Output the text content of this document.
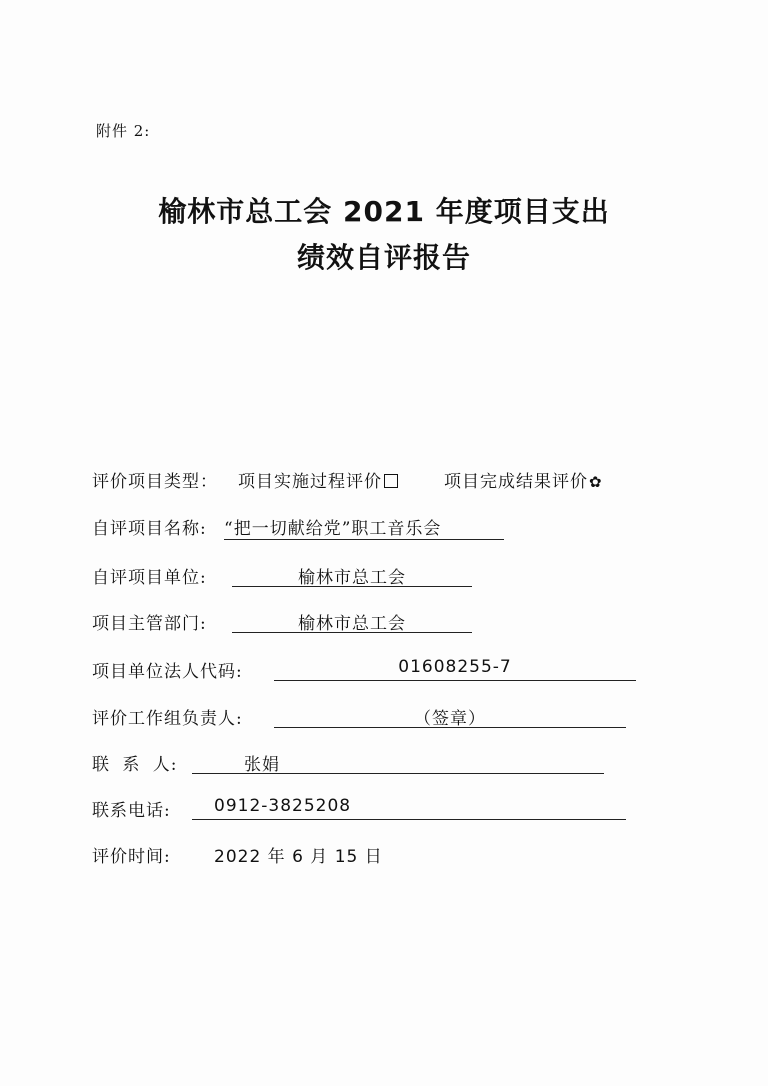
附件 2:
榆林市总工会 2021 年度项目支出
绩效自评报告
评价项目类型： 项目实施过程评价	项目完成结果评价✿
自评项目名称: “把一切献给党”职工音乐会
自评项目单位:	榆林市总工会
项目主管部门:	榆林市总工会
项目单位法人代码:	01608255-7
评价工作组负责人:	（签章）
联 系 人:	张娟
联系电话:	0912-3825208
评价时间:	2022 年 6 月 15 日
